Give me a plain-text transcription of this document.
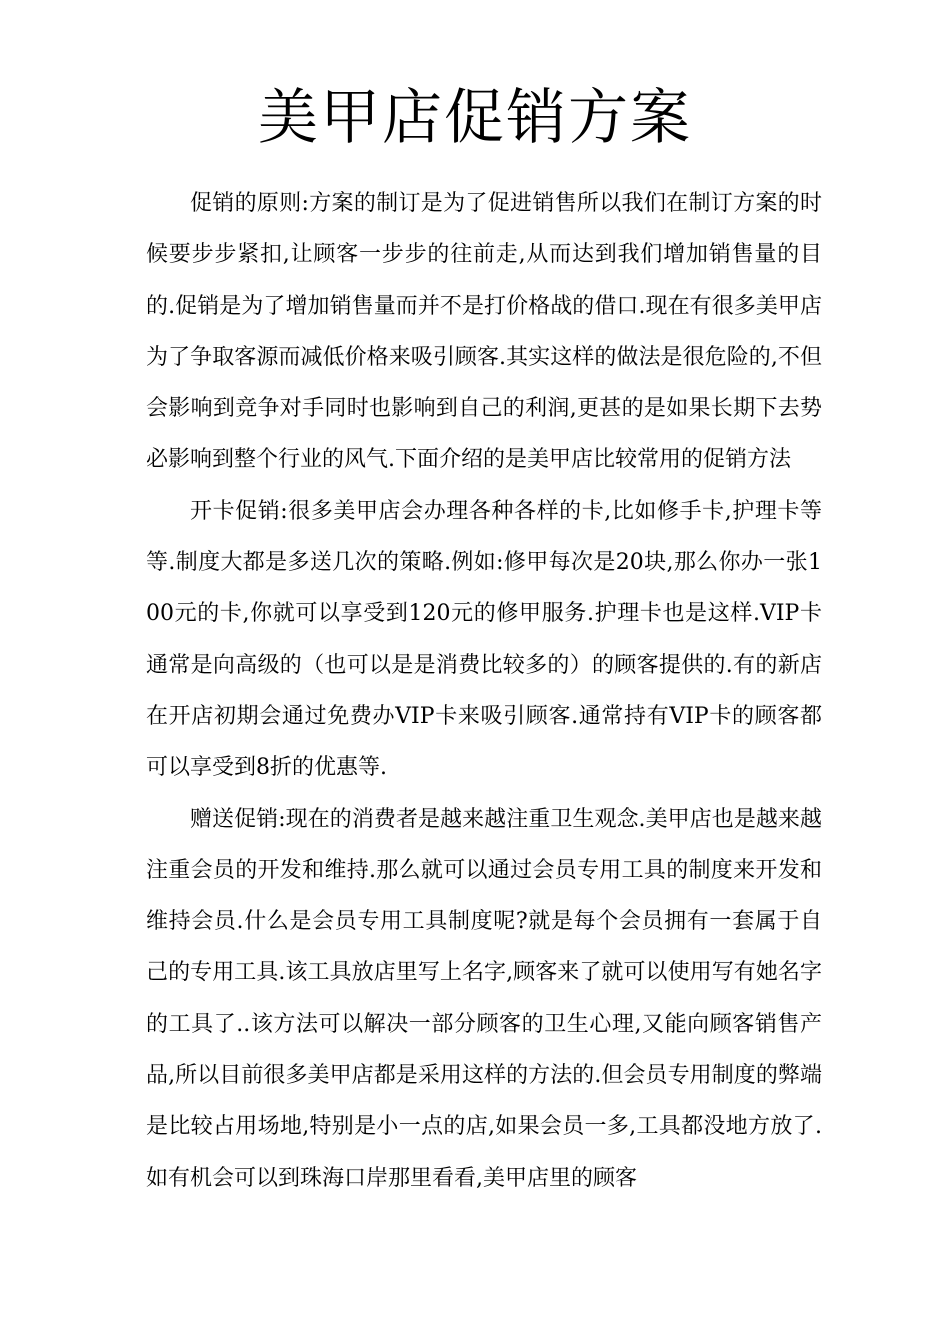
美甲店促销方案

促销的原则:方案的制订是为了促进销售所以我们在制订方案的时候要步步紧扣,让顾客一步步的往前走,从而达到我们增加销售量的目的.促销是为了增加销售量而并不是打价格战的借口.现在有很多美甲店为了争取客源而减低价格来吸引顾客.其实这样的做法是很危险的,不但会影响到竞争对手同时也影响到自己的利润,更甚的是如果长期下去势必影响到整个行业的风气.下面介绍的是美甲店比较常用的促销方法

开卡促销:很多美甲店会办理各种各样的卡,比如修手卡,护理卡等等.制度大都是多送几次的策略.例如:修甲每次是20块,那么你办一张100元的卡,你就可以享受到120元的修甲服务.护理卡也是这样.VIP卡通常是向高级的（也可以是是消费比较多的）的顾客提供的.有的新店在开店初期会通过免费办VIP卡来吸引顾客.通常持有VIP卡的顾客都可以享受到8折的优惠等.

赠送促销:现在的消费者是越来越注重卫生观念.美甲店也是越来越注重会员的开发和维持.那么就可以通过会员专用工具的制度来开发和维持会员.什么是会员专用工具制度呢?就是每个会员拥有一套属于自己的专用工具.该工具放店里写上名字,顾客来了就可以使用写有她名字的工具了..该方法可以解决一部分顾客的卫生心理,又能向顾客销售产品,所以目前很多美甲店都是采用这样的方法的.但会员专用制度的弊端是比较占用场地,特别是小一点的店,如果会员一多,工具都没地方放了.如有机会可以到珠海口岸那里看看,美甲店里的顾客
